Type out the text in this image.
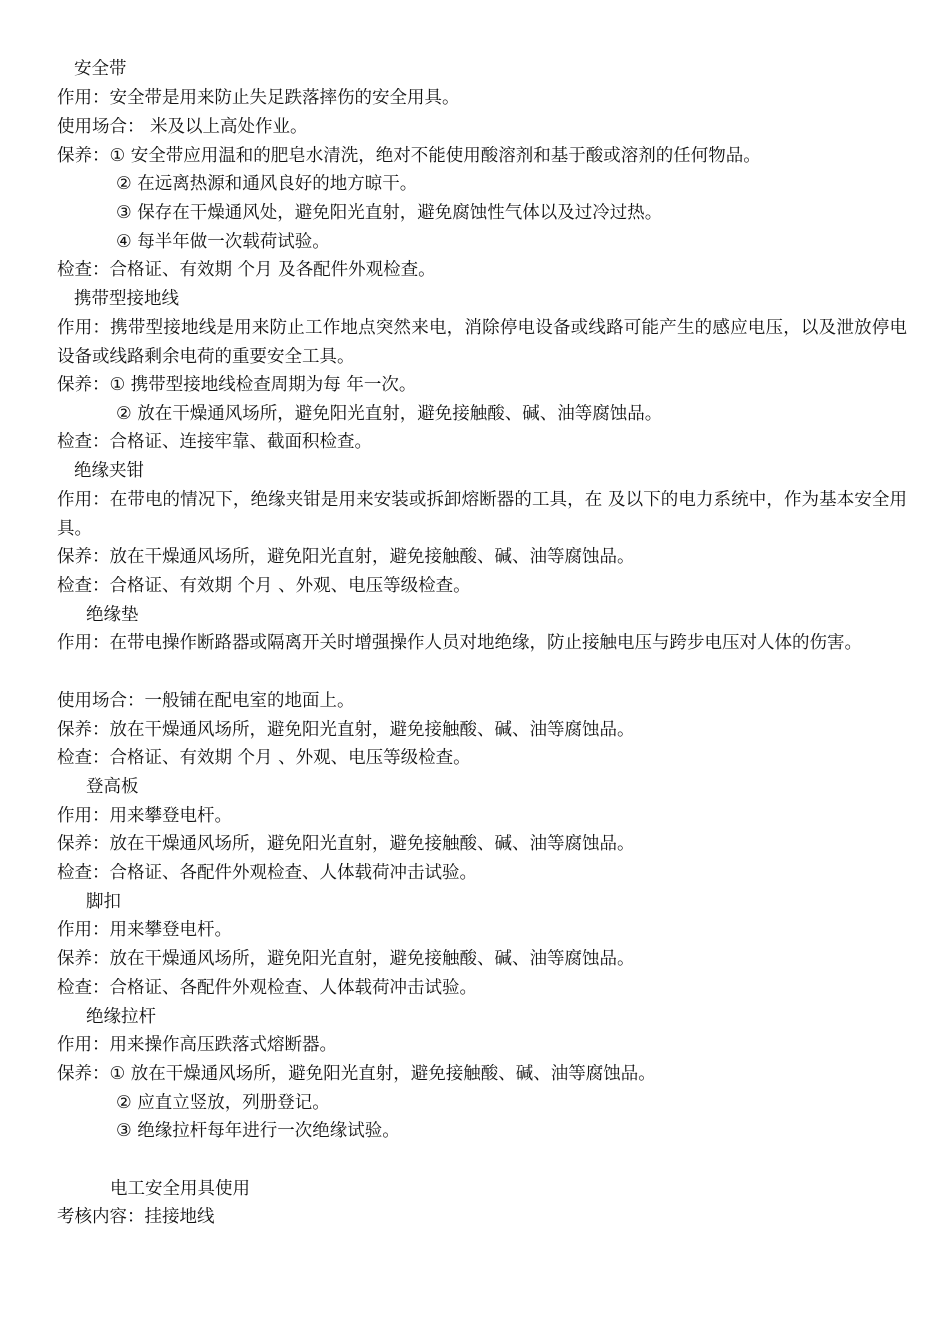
安全带
作用：安全带是用来防止失足跌落摔伤的安全用具。
使用场合： 米及以上高处作业。
保养：① 安全带应用温和的肥皂水清洗，绝对不能使用酸溶剂和基于酸或溶剂的任何物品。
② 在远离热源和通风良好的地方晾干。
③ 保存在干燥通风处，避免阳光直射，避免腐蚀性气体以及过冷过热。
④ 每半年做一次载荷试验。
检查：合格证、有效期 个月 及各配件外观检查。
携带型接地线
作用：携带型接地线是用来防止工作地点突然来电，消除停电设备或线路可能产生的感应电压，以及泄放停电设备或线路剩余电荷的重要安全工具。
保养：① 携带型接地线检查周期为每 年一次。
② 放在干燥通风场所，避免阳光直射，避免接触酸、碱、油等腐蚀品。
检查：合格证、连接牢靠、截面积检查。
绝缘夹钳
作用：在带电的情况下，绝缘夹钳是用来安装或拆卸熔断器的工具，在 及以下的电力系统中，作为基本安全用具。
保养：放在干燥通风场所，避免阳光直射，避免接触酸、碱、油等腐蚀品。
检查：合格证、有效期 个月 、外观、电压等级检查。
绝缘垫
作用：在带电操作断路器或隔离开关时增强操作人员对地绝缘，防止接触电压与跨步电压对人体的伤害。
使用场合：一般铺在配电室的地面上。
保养：放在干燥通风场所，避免阳光直射，避免接触酸、碱、油等腐蚀品。
检查：合格证、有效期 个月 、外观、电压等级检查。
登高板
作用：用来攀登电杆。
保养：放在干燥通风场所，避免阳光直射，避免接触酸、碱、油等腐蚀品。
检查：合格证、各配件外观检查、人体载荷冲击试验。
脚扣
作用：用来攀登电杆。
保养：放在干燥通风场所，避免阳光直射，避免接触酸、碱、油等腐蚀品。
检查：合格证、各配件外观检查、人体载荷冲击试验。
绝缘拉杆
作用：用来操作高压跌落式熔断器。
保养：① 放在干燥通风场所，避免阳光直射，避免接触酸、碱、油等腐蚀品。
② 应直立竖放，列册登记。
③ 绝缘拉杆每年进行一次绝缘试验。
电工安全用具使用
考核内容：挂接地线
